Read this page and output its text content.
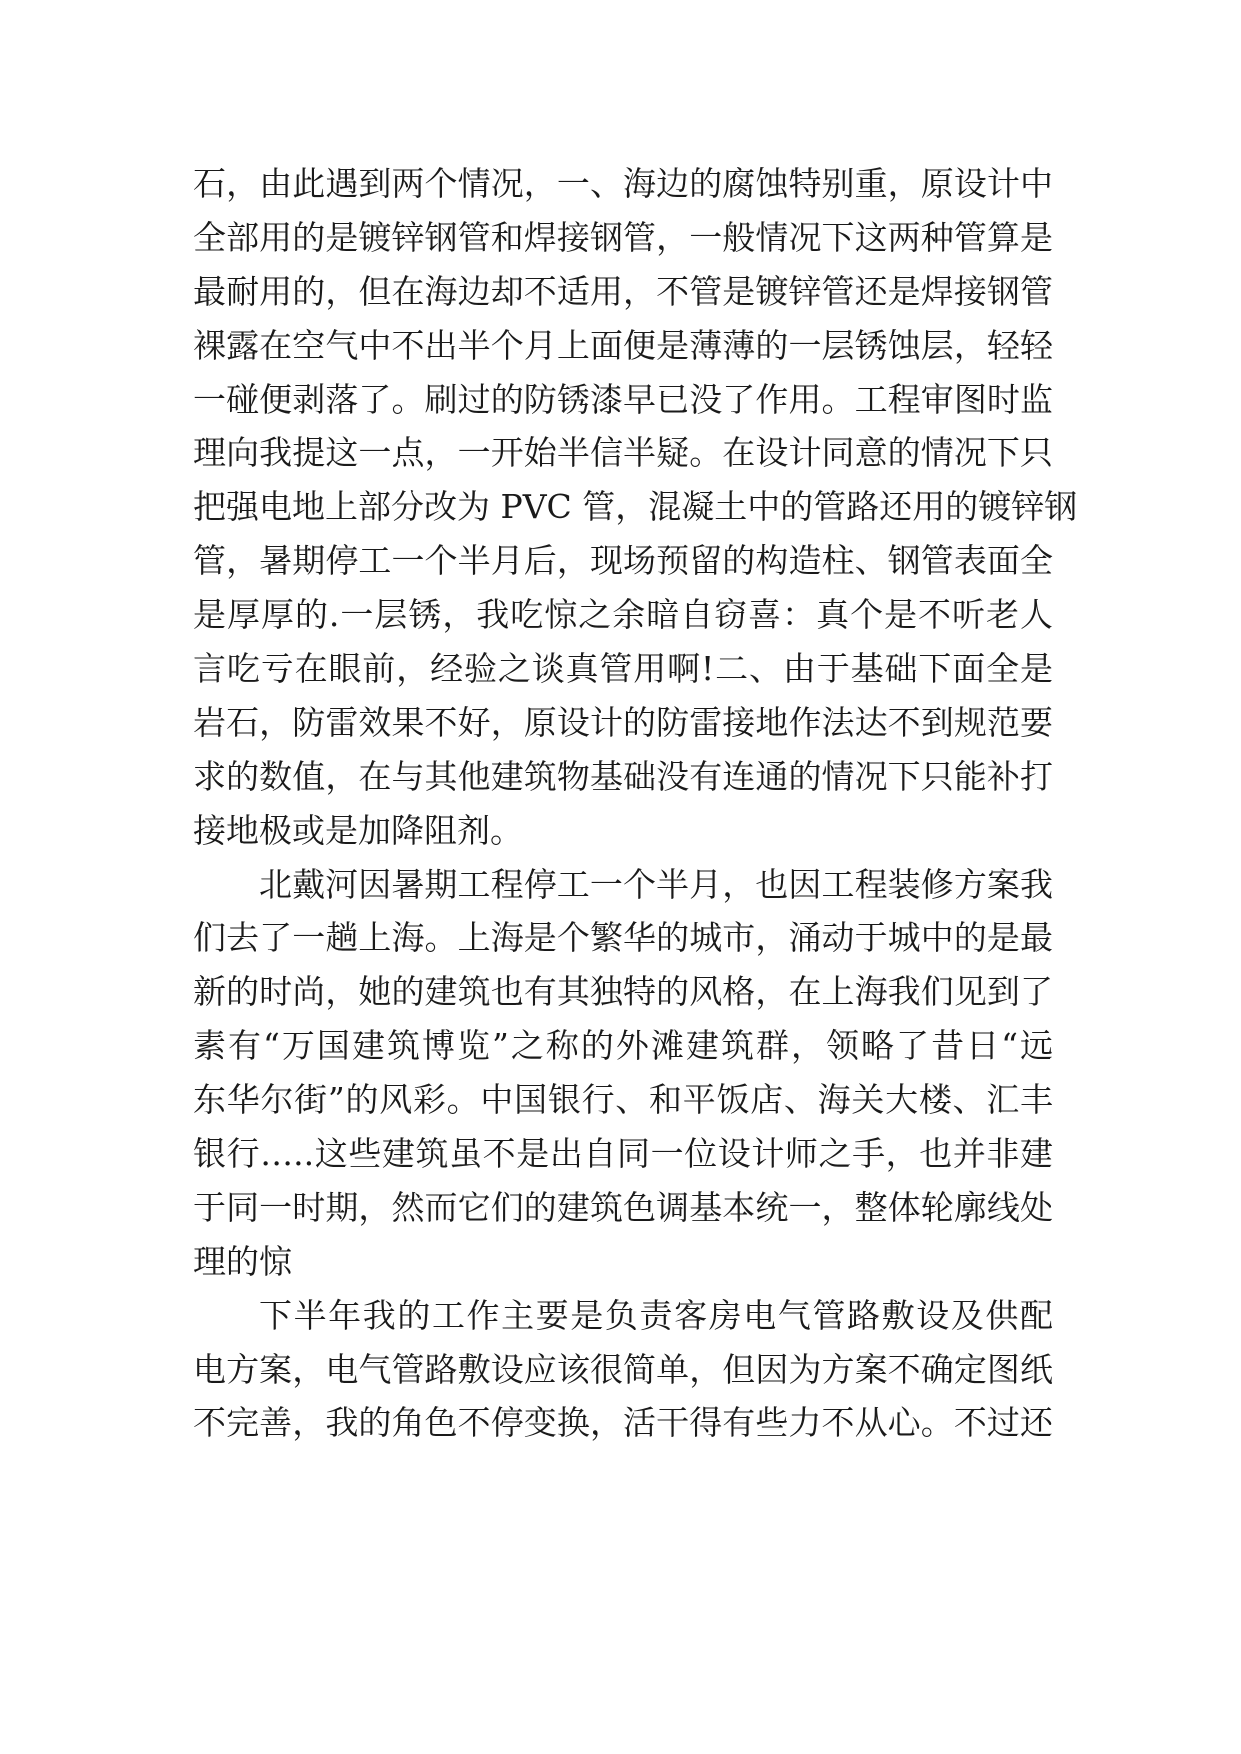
石，由此遇到两个情况，一、海边的腐蚀特别重，原设计中
全部用的是镀锌钢管和焊接钢管，一般情况下这两种管算是
最耐用的，但在海边却不适用，不管是镀锌管还是焊接钢管
裸露在空气中不出半个月上面便是薄薄的一层锈蚀层，轻轻
一碰便剥落了。刷过的防锈漆早已没了作用。工程审图时监
理向我提这一点，一开始半信半疑。在设计同意的情况下只
把强电地上部分改为 PVC 管，混凝土中的管路还用的镀锌钢
管，暑期停工一个半月后，现场预留的构造柱、钢管表面全
是厚厚的.一层锈，我吃惊之余暗自窃喜：真个是不听老人
言吃亏在眼前，经验之谈真管用啊!二、由于基础下面全是
岩石，防雷效果不好，原设计的防雷接地作法达不到规范要
求的数值，在与其他建筑物基础没有连通的情况下只能补打
接地极或是加降阻剂。
北戴河因暑期工程停工一个半月，也因工程装修方案我
们去了一趟上海。上海是个繁华的城市，涌动于城中的是最
新的时尚，她的建筑也有其独特的风格，在上海我们见到了
素有“万国建筑博览”之称的外滩建筑群，领略了昔日“远
东华尔街”的风彩。中国银行、和平饭店、海关大楼、汇丰
银行…..这些建筑虽不是出自同一位设计师之手，也并非建
于同一时期，然而它们的建筑色调基本统一，整体轮廓线处
理的惊
下半年我的工作主要是负责客房电气管路敷设及供配
电方案，电气管路敷设应该很简单，但因为方案不确定图纸
不完善，我的角色不停变换，活干得有些力不从心。不过还
